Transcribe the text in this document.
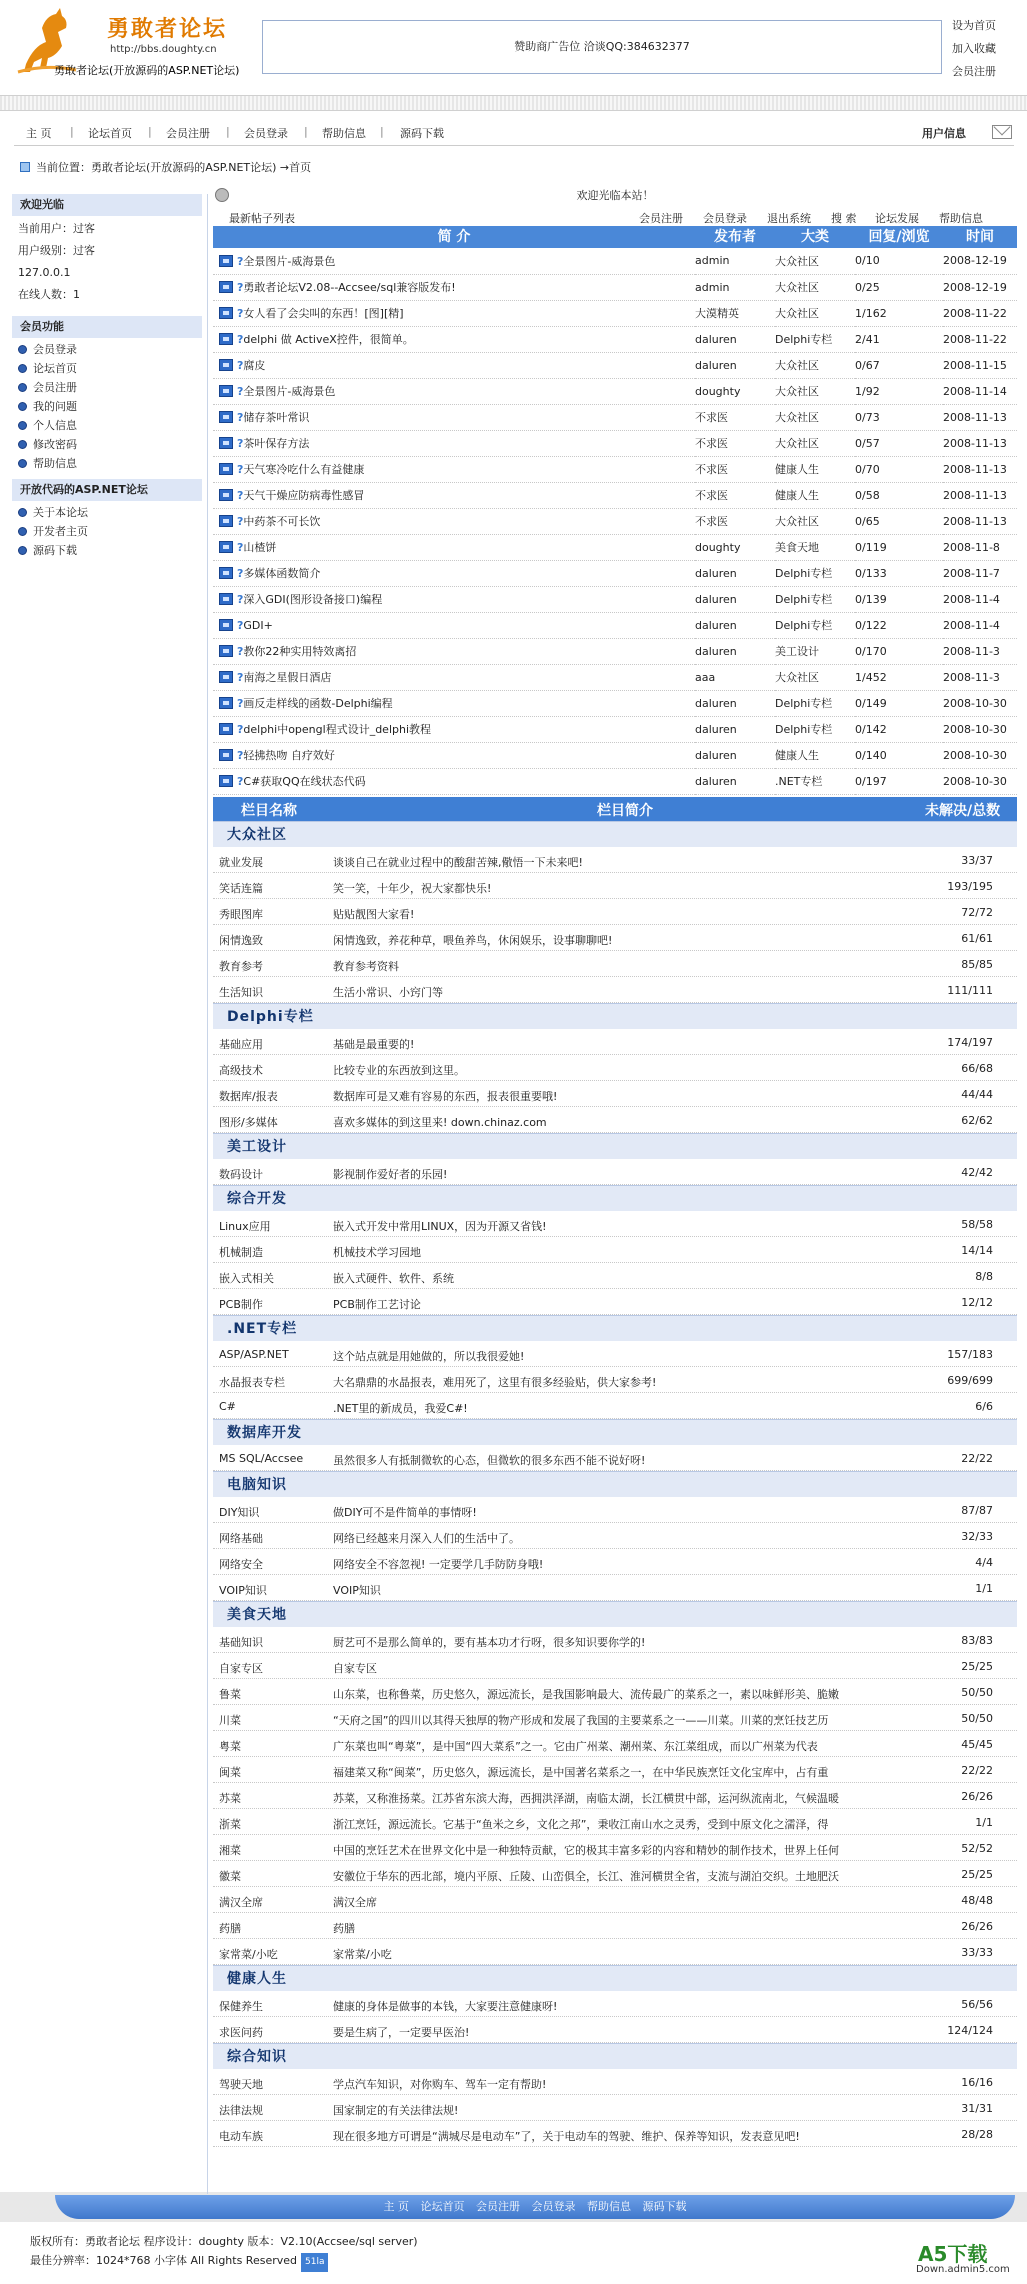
勇敢者论坛
http://bbs.doughty.cn
勇敢者论坛(开放源码的ASP.NET论坛)
赞助商广告位 洽谈QQ:384632377
设为首页
加入收藏
会员注册
主 页 | 论坛首页 | 会员注册 | 会员登录 | 帮助信息 | 源码下载	用户信息
当前位置：勇敢者论坛(开放源码的ASP.NET论坛) →首页
欢迎光临
当前用户：过客
用户级别：过客
127.0.0.1
在线人数：1
会员功能
会员登录
论坛首页
会员注册
我的问题
个人信息
修改密码
帮助信息
开放代码的ASP.NET论坛
关于本论坛
开发者主页
源码下载
欢迎光临本站！
最新帖子列表	会员注册 会员登录 退出系统 搜 索 论坛发展 帮助信息
简 介	发布者	大类	回复/浏览	时间
?全景图片-威海景色	admin	大众社区	0/10	2008-12-19
?勇敢者论坛V2.08--Accsee/sql兼容版发布!	admin	大众社区	0/25	2008-12-19
?女人看了会尖叫的东西！[图][精]	大漠精英	大众社区	1/162	2008-11-22
?delphi 做 ActiveX控件，很简单。	daluren	Delphi专栏	2/41	2008-11-22
?腐皮	daluren	大众社区	0/67	2008-11-15
?全景图片-威海景色	doughty	大众社区	1/92	2008-11-14
?储存茶叶常识	不求医	大众社区	0/73	2008-11-13
?茶叶保存方法	不求医	大众社区	0/57	2008-11-13
?天气寒冷吃什么有益健康	不求医	健康人生	0/70	2008-11-13
?天气干燥应防病毒性感冒	不求医	健康人生	0/58	2008-11-13
?中药茶不可长饮	不求医	大众社区	0/65	2008-11-13
?山楂饼	doughty	美食天地	0/119	2008-11-8
?多媒体函数简介	daluren	Delphi专栏	0/133	2008-11-7
?深入GDI(图形设备接口)编程	daluren	Delphi专栏	0/139	2008-11-4
?GDI+	daluren	Delphi专栏	0/122	2008-11-4
?教你22种实用特效离招	daluren	美工设计	0/170	2008-11-3
?南海之星假日酒店	aaa	大众社区	1/452	2008-11-3
?画反走样线的函数-Delphi编程	daluren	Delphi专栏	0/149	2008-10-30
?delphi中opengl程式设计_delphi教程	daluren	Delphi专栏	0/142	2008-10-30
?轻拂热吻 自疗效好	daluren	健康人生	0/140	2008-10-30
?C#获取QQ在线状态代码	daluren	.NET专栏	0/197	2008-10-30
栏目名称	栏目简介	未解决/总数
大众社区
就业发展	谈谈自己在就业过程中的酸甜苦辣,儆悟一下未来吧!	33/37
笑话连篇	笑一笑，十年少，祝大家都快乐!	193/195
秀眼图库	贴贴靓图大家看!	72/72
闲情逸致	闲情逸致，养花种草，喂鱼养鸟，休闲娱乐，设事聊聊吧!	61/61
教育参考	教育参考资料	85/85
生活知识	生活小常识、小窍门等	111/111
Delphi专栏
基础应用	基础是最重要的!	174/197
高级技术	比较专业的东西放到这里。	66/68
数据库/报表	数据库可是又难有容易的东西，报表很重要哦!	44/44
图形/多媒体	喜欢多媒体的到这里来! down.chinaz.com	62/62
美工设计
数码设计	影视制作爱好者的乐园!	42/42
综合开发
Linux应用	嵌入式开发中常用LINUX，因为开源又省钱!	58/58
机械制造	机械技术学习园地	14/14
嵌入式相关	嵌入式硬件、软件、系统	8/8
PCB制作	PCB制作工艺讨论	12/12
.NET专栏
ASP/ASP.NET	这个站点就是用她做的，所以我很爱她!	157/183
水晶报表专栏	大名鼎鼎的水晶报表，难用死了，这里有很多经验贴，供大家参考!	699/699
C#	.NET里的新成员，我爱C#!	6/6
数据库开发
MS SQL/Accsee	虽然很多人有抵制微软的心态，但微软的很多东西不能不说好呀!	22/22
电脑知识
DIY知识	做DIY可不是件简单的事情呀!	87/87
网络基础	网络已经越来月深入人们的生活中了。	32/33
网络安全	网络安全不容忽视! 一定要学几手防防身哦!	4/4
VOIP知识	VOIP知识	1/1
美食天地
基础知识	厨艺可不是那么简单的，要有基本功才行呀，很多知识要你学的!	83/83
自家专区	自家专区	25/25
鲁菜	山东菜，也称鲁菜，历史悠久，源远流长，是我国影响最大、流传最广的菜系之一，素以味鲜形美、脆嫩	50/50
川菜	“天府之国”的四川以其得天独厚的物产形成和发展了我国的主要菜系之一——川菜。川菜的烹饪技艺历	50/50
粤菜	广东菜也叫“粤菜”，是中国“四大菜系”之一。它由广州菜、潮州菜、东江菜组成，而以广州菜为代表	45/45
闽菜	福建菜又称“闽菜”，历史悠久，源远流长，是中国著名菜系之一，在中华民族烹饪文化宝库中，占有重	22/22
苏菜	苏菜，又称淮扬菜。江苏省东滨大海，西拥洪泽湖，南临太湖，长江横贯中部，运河纵流南北，气候温暖	26/26
浙菜	浙江烹饪，源远流长。它基于“鱼米之乡，文化之邦”，秉收江南山水之灵秀，受到中原文化之濡泽，得	1/1
湘菜	中国的烹饪艺术在世界文化中是一种独特贡献，它的极其丰富多彩的内容和精妙的制作技术，世界上任何	52/52
徽菜	安徽位于华东的西北部，境内平原、丘陵、山峦俱全，长江、淮河横贯全省，支流与湖泊交织。土地肥沃	25/25
满汉全席	满汉全席	48/48
药膳	药膳	26/26
家常菜/小吃	家常菜/小吃	33/33
健康人生
保健养生	健康的身体是做事的本钱，大家要注意健康呀!	56/56
求医问药	要是生病了，一定要早医治!	124/124
综合知识
驾驶天地	学点汽车知识，对你购车、驾车一定有帮助!	16/16
法律法规	国家制定的有关法律法规!	31/31
电动车族	现在很多地方可谓是“满城尽是电动车”了，关于电动车的驾驶、维护、保养等知识，发表意见吧!	28/28
主 页 论坛首页 会员注册 会员登录 帮助信息 源码下载
版权所有：勇敢者论坛 程序设计：doughty 版本：V2.10(Accsee/sql server)
最佳分辨率：1024*768 小字体 All Rights Reserved 51la	A5下载
Down.admin5.com
